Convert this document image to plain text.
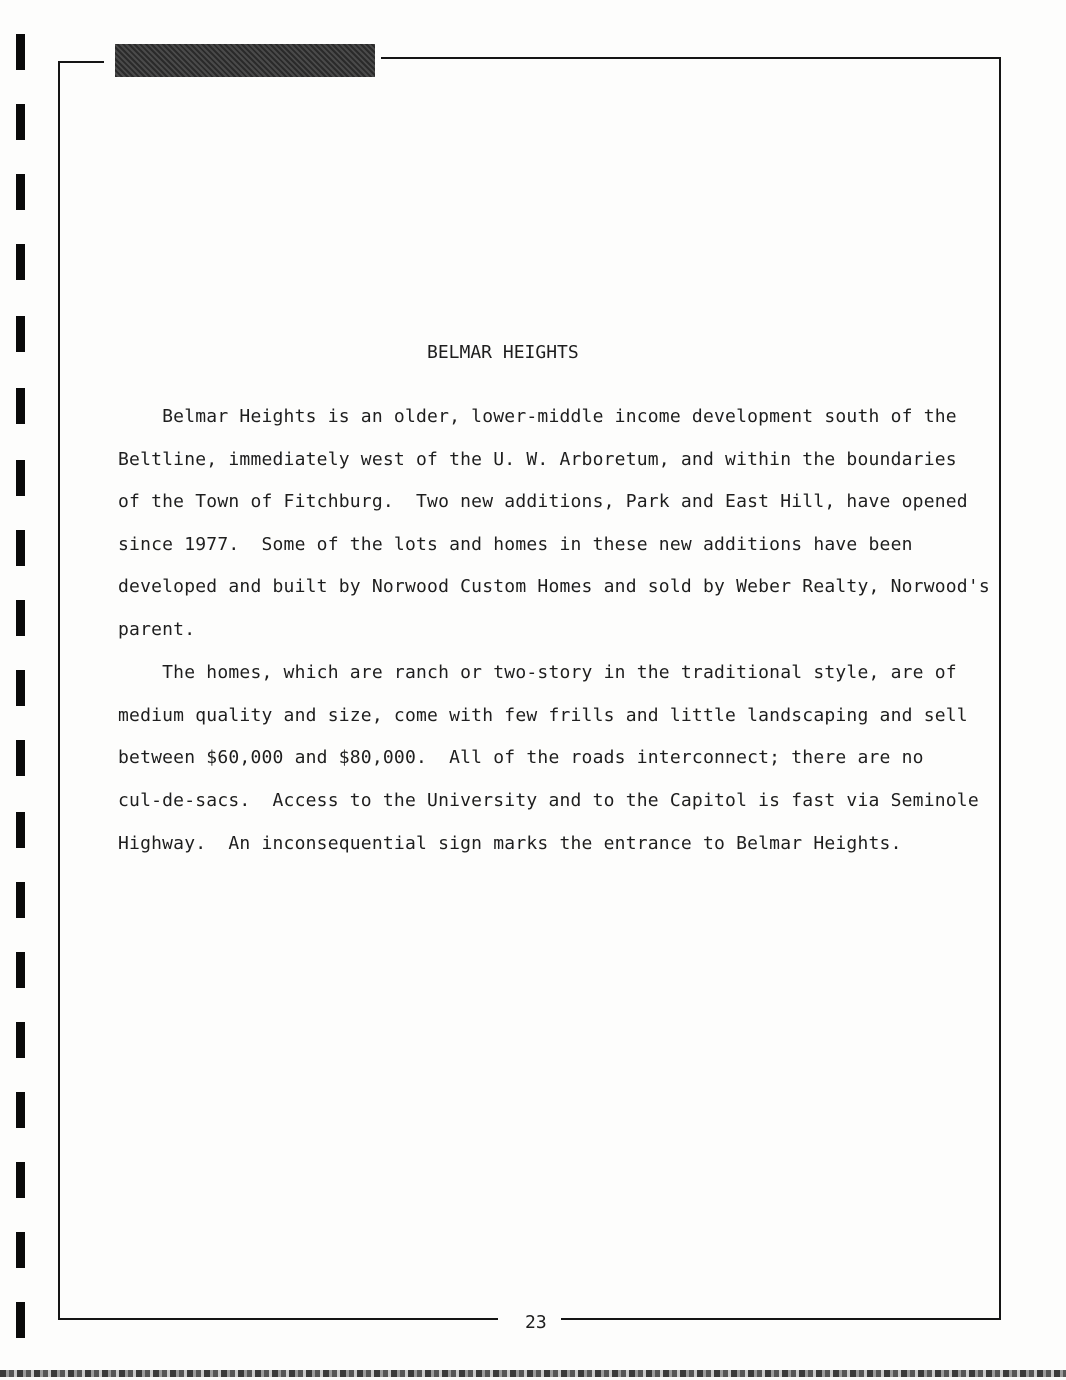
BELMAR HEIGHTS
Belmar Heights is an older, lower-middle income development south of the
Beltline, immediately west of the U. W. Arboretum, and within the boundaries
of the Town of Fitchburg.  Two new additions, Park and East Hill, have opened
since 1977.  Some of the lots and homes in these new additions have been
developed and built by Norwood Custom Homes and sold by Weber Realty, Norwood's
parent.
The homes, which are ranch or two-story in the traditional style, are of
medium quality and size, come with few frills and little landscaping and sell
between $60,000 and $80,000.  All of the roads interconnect; there are no
cul-de-sacs.  Access to the University and to the Capitol is fast via Seminole
Highway.  An inconsequential sign marks the entrance to Belmar Heights.
23
